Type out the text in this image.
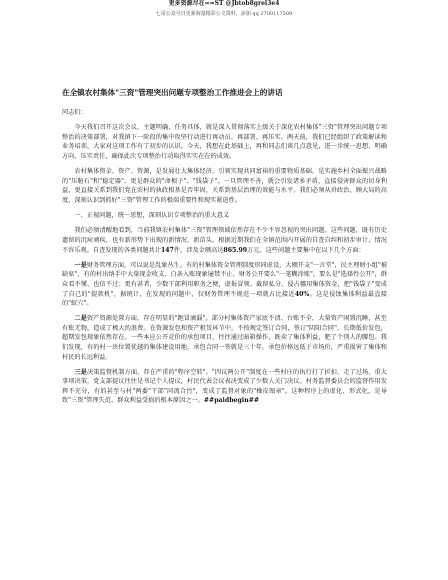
更多资源尽在==ST @Jbtob8grel3e4
七哥公众号日更新海量精彩公文资料，添加 qq 2700117509
在全镇农村集体"三资"管理突出问题专项整治工作推进会上的讲话

同志们：

今天我们召开这次会议，主题明确、任务具体，就是深入贯彻落实上级关于深化农村集体"三资"管理突出问题专项整治的决策部署，对我镇下一阶段的集中攻坚行动进行再动员、再部署、再压实。两天前，我们已经组织了政策解读和业务培训，大家对这项工作有了初步的认识。今天，我想在此基础上，再和同志们谈几点意见，进一步统一思想、明确方向、压实责任，确保此次专项整治行动取得实实在在的成效。

农村集体资金、资产、资源，是发展壮大集体经济、引领实现共同富裕的重要物质基础，是实施乡村全面振兴战略的"压舱石"和"稳定器"，更是群众的"命根子"、"钱袋子"。一旦管理不善，就会引发诸多矛盾，直接侵害群众的切身利益，更直接关系到我们党在农村的执政根基是否牢固，关系到基层治理的效能与水平。我们必须从讲政治、顾大局的高度，深刻认识到抓好"三资"管理工作的极端重要性和现实紧迫性。

一、正视问题，统一思想，深刻认识专项整治的重大意义

我们必须清醒地看到，当前我镇农村集体"三资"管理领域依然存在不少不容忽视的突出问题。这些问题，既有历史遗留的沉疴顽疾，也有新形势下出现的新情况、新苗头。根据近期我们在全镇范围内开展的自查自纠和初步审计，情况不容乐观。自查发现的各类问题共计147件，涉及金额高达865.99万元。这些问题主要集中在以下几个方面：

一是财务管理方面，可以说是乱象丛生。有的村集体资金管理制度形同虚设，大额开支"一言堂"，民主理财小组"被缺席"，有的村出纳手中大量现金收支、白条入账现象屡禁不止。财务公开要么"一笔糊涂账"，要么是"选择性公开"，群众看不懂、也信不过；更有甚者，少数干部利用职务之便，虚报冒领、截留私分、侵占挪用集体资金，把"钱袋子"变成了自己的"提款机"。据统计，在发现的问题中，仅财务管理不规范一项就占比接近40%。这是侵蚀集体利益最直接的"蚁穴"。

二是资产资源处置方面，存在明显的"跑冒滴漏"。部分村集体资产家底不清、台账不全，大量资产闲置沉睡，甚至有账无物，造成了极大的浪费。在资源发包和资产租赁环节中，不按规定签订合同，签订"阴阳合同"，长期低价发包，超期发包现象依然存在。一些本应公开竞价的承包项目，往往通过暗箱操作，既卖了集体利益，肥了个别人的腰包。我们发现，有的村一块位置优越的集体建设用地，承包合同一签就是三十年，承包价格远低于市场价，严重损害了集体和村民的长远利益。

三是决策监督机制方面，存在严重的"程序空转"。"四议两公开"制度在一些村庄的执行打了折扣、走了过场，重大事项决策，党支部提议往往是书记个人提议，村民代表会议表决变成了少数人关门决议。村务监督委员会的监督作用发挥不充分，有的甚至与村"两委"干部"同流合污"，变成了监督对象的"橡皮图章"。这种程序上的虚化、形式化，是导致"三资"管理失范、群众利益受损的根本原因之一。##paidbegin##
